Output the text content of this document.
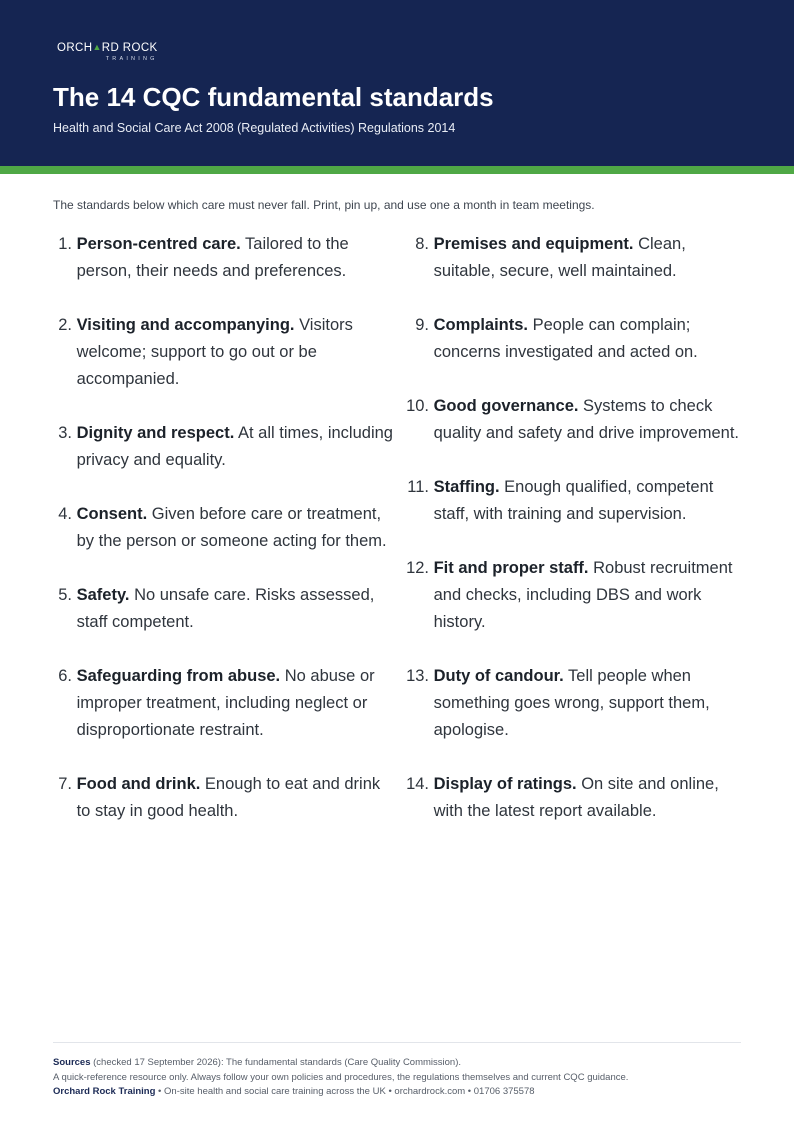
ORCH▲RD ROCK
TRAINING
The 14 CQC fundamental standards
Health and Social Care Act 2008 (Regulated Activities) Regulations 2014

The standards below which care must never fall. Print, pin up, and use one a month in team meetings.

1.
Person-centred care. Tailored to the person, their needs and preferences.
2.
Visiting and accompanying. Visitors welcome; support to go out or be accompanied.
3.
Dignity and respect. At all times, including privacy and equality.
4.
Consent. Given before care or treatment, by the person or someone acting for them.
5.
Safety. No unsafe care. Risks assessed, staff competent.
6.
Safeguarding from abuse. No abuse or improper treatment, including neglect or disproportionate restraint.
7.
Food and drink. Enough to eat and drink to stay in good health.
8.
Premises and equipment. Clean, suitable, secure, well maintained.
9.
Complaints. People can complain; concerns investigated and acted on.
10.
Good governance. Systems to check quality and safety and drive improvement.
11.
Staffing. Enough qualified, competent staff, with training and supervision.
12.
Fit and proper staff. Robust recruitment and checks, including DBS and work history.
13.
Duty of candour. Tell people when something goes wrong, support them, apologise.
14.
Display of ratings. On site and online, with the latest report available.
Sources (checked 17 September 2026): The fundamental standards (Care Quality Commission).
A quick-reference resource only. Always follow your own policies and procedures, the regulations themselves and current CQC guidance.
Orchard Rock Training • On-site health and social care training across the UK • orchardrock.com • 01706 375578
